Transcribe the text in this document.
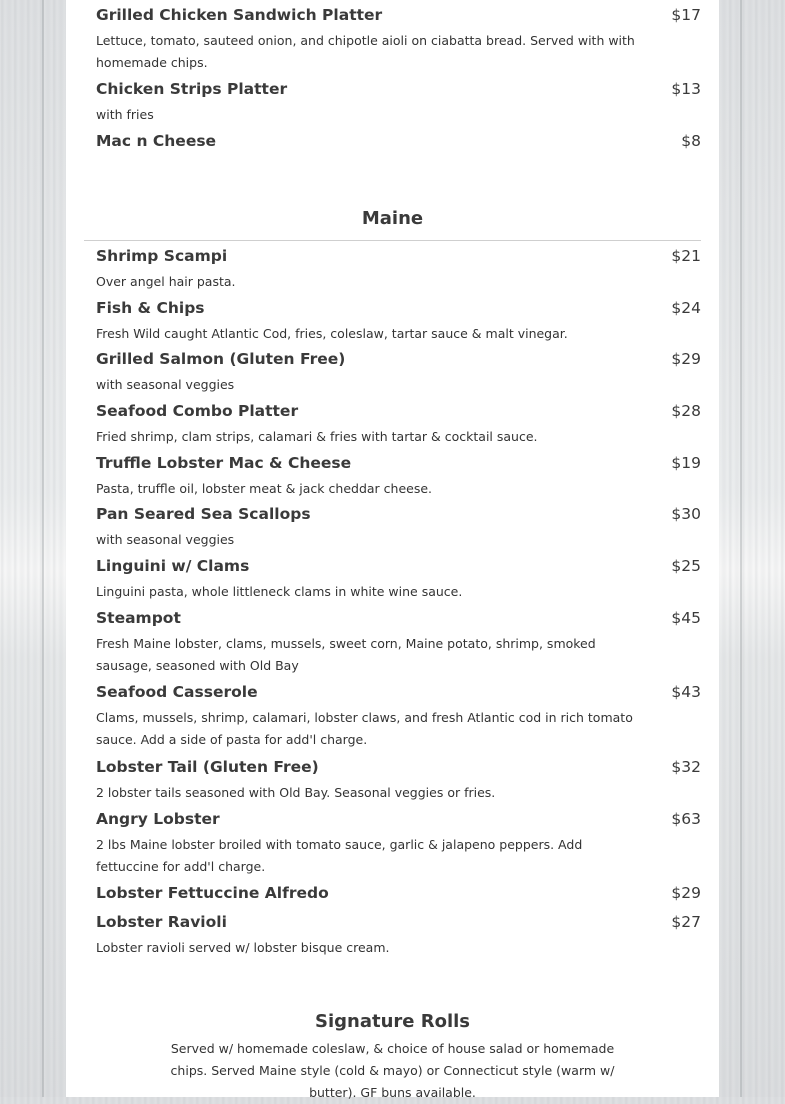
Grilled Chicken Sandwich Platter	$17
Lettuce, tomato, sauteed onion, and chipotle aioli on ciabatta bread. Served with with homemade chips.
Chicken Strips Platter	$13
with fries
Mac n Cheese	$8
Maine
Shrimp Scampi	$21
Over angel hair pasta.
Fish & Chips	$24
Fresh Wild caught Atlantic Cod, fries, coleslaw, tartar sauce & malt vinegar.
Grilled Salmon (Gluten Free)	$29
with seasonal veggies
Seafood Combo Platter	$28
Fried shrimp, clam strips, calamari & fries with tartar & cocktail sauce.
Truffle Lobster Mac & Cheese	$19
Pasta, truffle oil, lobster meat & jack cheddar cheese.
Pan Seared Sea Scallops	$30
with seasonal veggies
Linguini w/ Clams	$25
Linguini pasta, whole littleneck clams in white wine sauce.
Steampot	$45
Fresh Maine lobster, clams, mussels, sweet corn, Maine potato, shrimp, smoked sausage, seasoned with Old Bay
Seafood Casserole	$43
Clams, mussels, shrimp, calamari, lobster claws, and fresh Atlantic cod in rich tomato sauce. Add a side of pasta for add'l charge.
Lobster Tail (Gluten Free)	$32
2 lobster tails seasoned with Old Bay. Seasonal veggies or fries.
Angry Lobster	$63
2 lbs Maine lobster broiled with tomato sauce, garlic & jalapeno peppers. Add fettuccine for add'l charge.
Lobster Fettuccine Alfredo	$29
Lobster Ravioli	$27
Lobster ravioli served w/ lobster bisque cream.
Signature Rolls
Served w/ homemade coleslaw, & choice of house salad or homemade chips. Served Maine style (cold & mayo) or Connecticut style (warm w/ butter). GF buns available.
